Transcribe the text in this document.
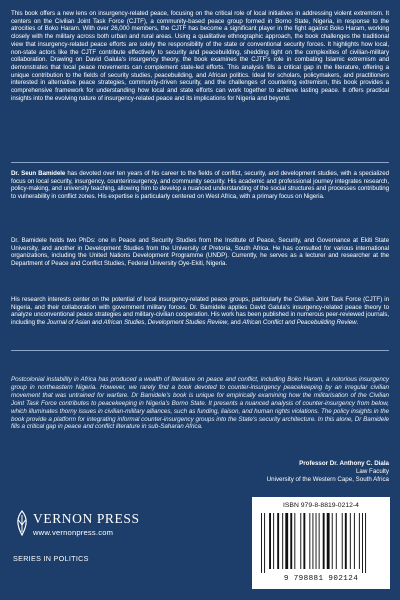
This book offers a new lens on insurgency-related peace, focusing on the critical role of local initiatives in addressing violent extremism. It centers on the Civilian Joint Task Force (CJTF), a community-based peace group formed in Borno State, Nigeria, in response to the atrocities of Boko Haram. With over 26,000 members, the CJTF has become a significant player in the fight against Boko Haram, working closely with the military across both urban and rural areas. Using a qualitative ethnographic approach, the book challenges the traditional view that insurgency-related peace efforts are solely the responsibility of the state or conventional security forces. It highlights how local, non-state actors like the CJTF contribute effectively to security and peacebuilding, shedding light on the complexities of civilian-military collaboration. Drawing on David Galula's insurgency theory, the book examines the CJTF's role in combating Islamic extremism and demonstrates that local peace movements can complement state-led efforts. This analysis fills a critical gap in the literature, offering a unique contribution to the fields of security studies, peacebuilding, and African politics. Ideal for scholars, policymakers, and practitioners interested in alternative peace strategies, community-driven security, and the challenges of countering extremism, this book provides a comprehensive framework for understanding how local and state efforts can work together to achieve lasting peace. It offers practical insights into the evolving nature of insurgency-related peace and its implications for Nigeria and beyond.

Dr. Seun Bamidele has devoted over ten years of his career to the fields of conflict, security, and development studies, with a specialized focus on local security, insurgency, counterinsurgency, and community security. His academic and professional journey integrates research, policy-making, and university teaching, allowing him to develop a nuanced understanding of the social structures and processes contributing to vulnerability in conflict zones. His expertise is particularly centered on West Africa, with a primary focus on Nigeria.

Dr. Bamidele holds two PhDs: one in Peace and Security Studies from the Institute of Peace, Security, and Governance at Ekiti State University, and another in Development Studies from the University of Pretoria, South Africa. He has consulted for various international organizations, including the United Nations Development Programme (UNDP). Currently, he serves as a lecturer and researcher at the Department of Peace and Conflict Studies, Federal University Oye-Ekiti, Nigeria.

His research interests center on the potential of local insurgency-related peace groups, particularly the Civilian Joint Task Force (CJTF) in Nigeria, and their collaboration with government military forces. Dr. Bamidele applies David Galula's insurgency-related peace theory to analyze unconventional peace strategies and military-civilian cooperation. His work has been published in numerous peer-reviewed journals, including the Journal of Asian and African Studies, Development Studies Review, and African Conflict and Peacebuilding Review.

Postcolonial instability in Africa has produced a wealth of literature on peace and conflict, including Boko Haram, a notorious insurgency group in northeastern Nigeria. However, we rarely find a book devoted to counter-insurgency peacekeeping by an irregular civilian movement that was untrained for warfare. Dr Bamidele's book is unique for empirically examining how the militarisation of the Civilian Joint Task Force contributes to peacekeeping in Nigeria's Borno State. It presents a nuanced analysis of counter-insurgency from below, which illuminates thorny issues in civilian-military alliances, such as funding, liaison, and human rights violations. The policy insights in the book provide a platform for integrating informal counter-insurgency groups into the State's security architecture. In this alone, Dr Bamidele fills a critical gap in peace and conflict literature in sub-Saharan Africa.

Professor Dr. Anthony C. Diala

Law Faculty

University of the Western Cape, South Africa

VERNON PRESS

www.vernonpress.com

SERIES IN POLITICS

ISBN 979-8-8819-0212-4

9 798881 902124
